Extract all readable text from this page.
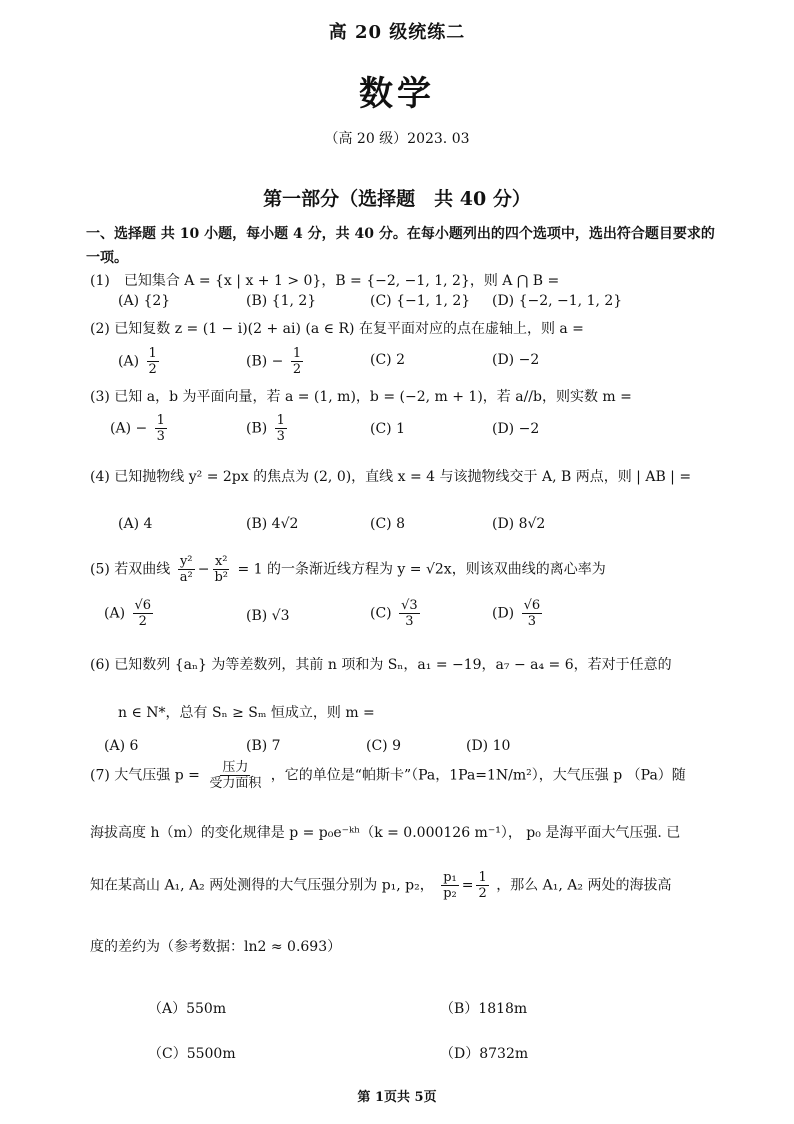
高 20 级统练二
数学
（高 20 级）2023. 03
第一部分（选择题　共 40 分）
一、选择题 共 10 小题，每小题 4 分，共 40 分。在每小题列出的四个选项中，选出符合题目要求的一项。
(1)　已知集合 A = {x | x + 1 > 0}，B = {−2, −1, 1, 2}，则 A ⋂ B =
(A) {2}	(B) {1, 2}	(C) {−1, 1, 2} (D) {−2, −1, 1, 2}
(2) 已知复数 z = (1 − i)(2 + ai) (a ∈ R) 在复平面对应的点在虚轴上，则 a =
$(A) \frac{1}{2}$	$(B) - \frac{1}{2}$	(C) 2	(D) −2
(3) 已知 a，b 为平面向量，若 a = (1, m)，b = (−2, m + 1)，若 a//b，则实数 m =
$(A) - \frac{1}{3}$	$(B) \frac{1}{3}$	(C) 1	(D) −2
(4) 已知抛物线 y² = 2px 的焦点为 (2, 0)，直线 x = 4 与该抛物线交于 A, B 两点，则 | AB | =
(A) 4	(B) 4√2	(C) 8	(D) 8√2
(5) 若双曲线 $\frac{\text{y²}}{\text{a²}} - \frac{\text{x²}}{\text{b²}} = 1$ 的一条渐近线方程为 y = √2x，则该双曲线的离心率为
$(A) \frac{√6}{2}$	(B) √3	$(C) \frac{√3}{3}$	$(D) \frac{√6}{3}$
(6) 已知数列 {aₙ} 为等差数列，其前 n 项和为 Sₙ，a₁ = −19，a₇ − a₄ = 6，若对于任意的
n ∈ N*，总有 Sₙ ≥ Sₘ 恒成立，则 m =
(A) 6	(B) 7	(C) 9	(D) 10
(7) 大气压强 $p = \frac{\text{压力}}{\text{受力面积}}$ ，它的单位是“帕斯卡”（Pa，1Pa=1N/m²），大气压强 p （Pa）随
海拔高度 h（m）的变化规律是 p = p₀e⁻ᵏʰ（k = 0.000126 m⁻¹）， p₀ 是海平面大气压强. 已
知在某高山 A₁, A₂ 两处测得的大气压强分别为 p₁, p₂， $\frac{\text{p₁}}{\text{p₂}} = \frac{1}{2}$ ，那么 A₁, A₂ 两处的海拔高
度的差约为（参考数据：ln2 ≈ 0.693）
（A）550m	（B）1818m
（C）5500m	（D）8732m
第 1页共 5页
